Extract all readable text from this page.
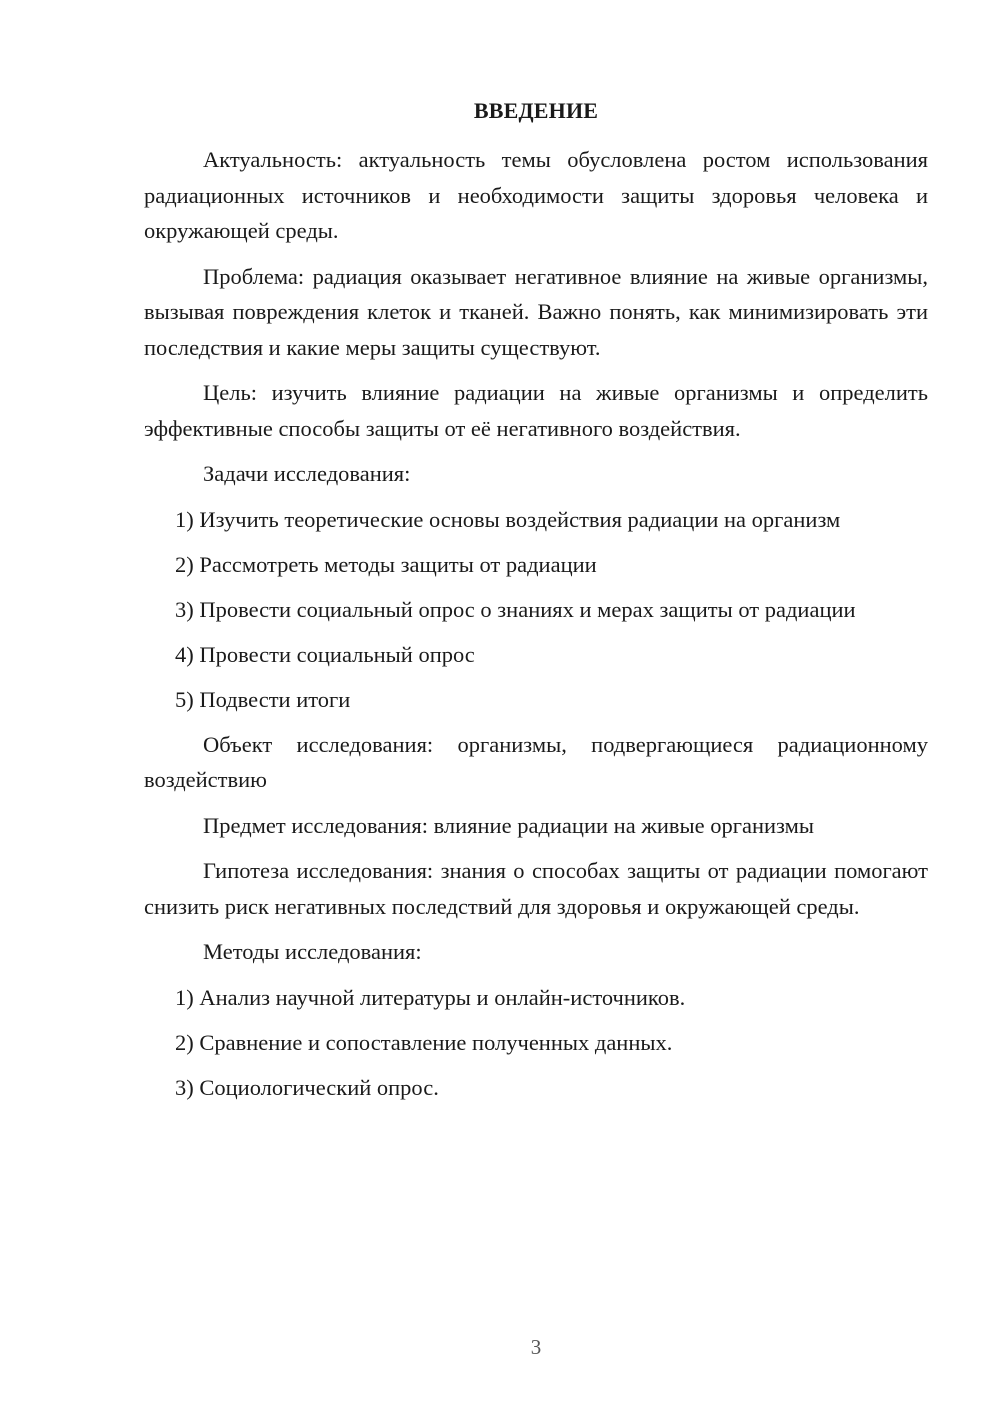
ВВЕДЕНИЕ

Актуальность: актуальность темы обусловлена ростом использования радиационных источников и необходимости защиты здоровья человека и окружающей среды.

Проблема: радиация оказывает негативное влияние на живые организмы, вызывая повреждения клеток и тканей. Важно понять, как минимизировать эти последствия и какие меры защиты существуют.

Цель: изучить влияние радиации на живые организмы и определить эффективные способы защиты от её негативного воздействия.

Задачи исследования:

1) Изучить теоретические основы воздействия радиации на организм
2) Рассмотреть методы защиты от радиации
3) Провести социальный опрос о знаниях и мерах защиты от радиации
4) Провести социальный опрос
5) Подвести итоги

Объект исследования: организмы, подвергающиеся радиационному воздействию

Предмет исследования: влияние радиации на живые организмы

Гипотеза исследования: знания о способах защиты от радиации помогают снизить риск негативных последствий для здоровья и окружающей среды.

Методы исследования:

1) Анализ научной литературы и онлайн-источников.
2) Сравнение и сопоставление полученных данных.
3) Социологический опрос.
3
